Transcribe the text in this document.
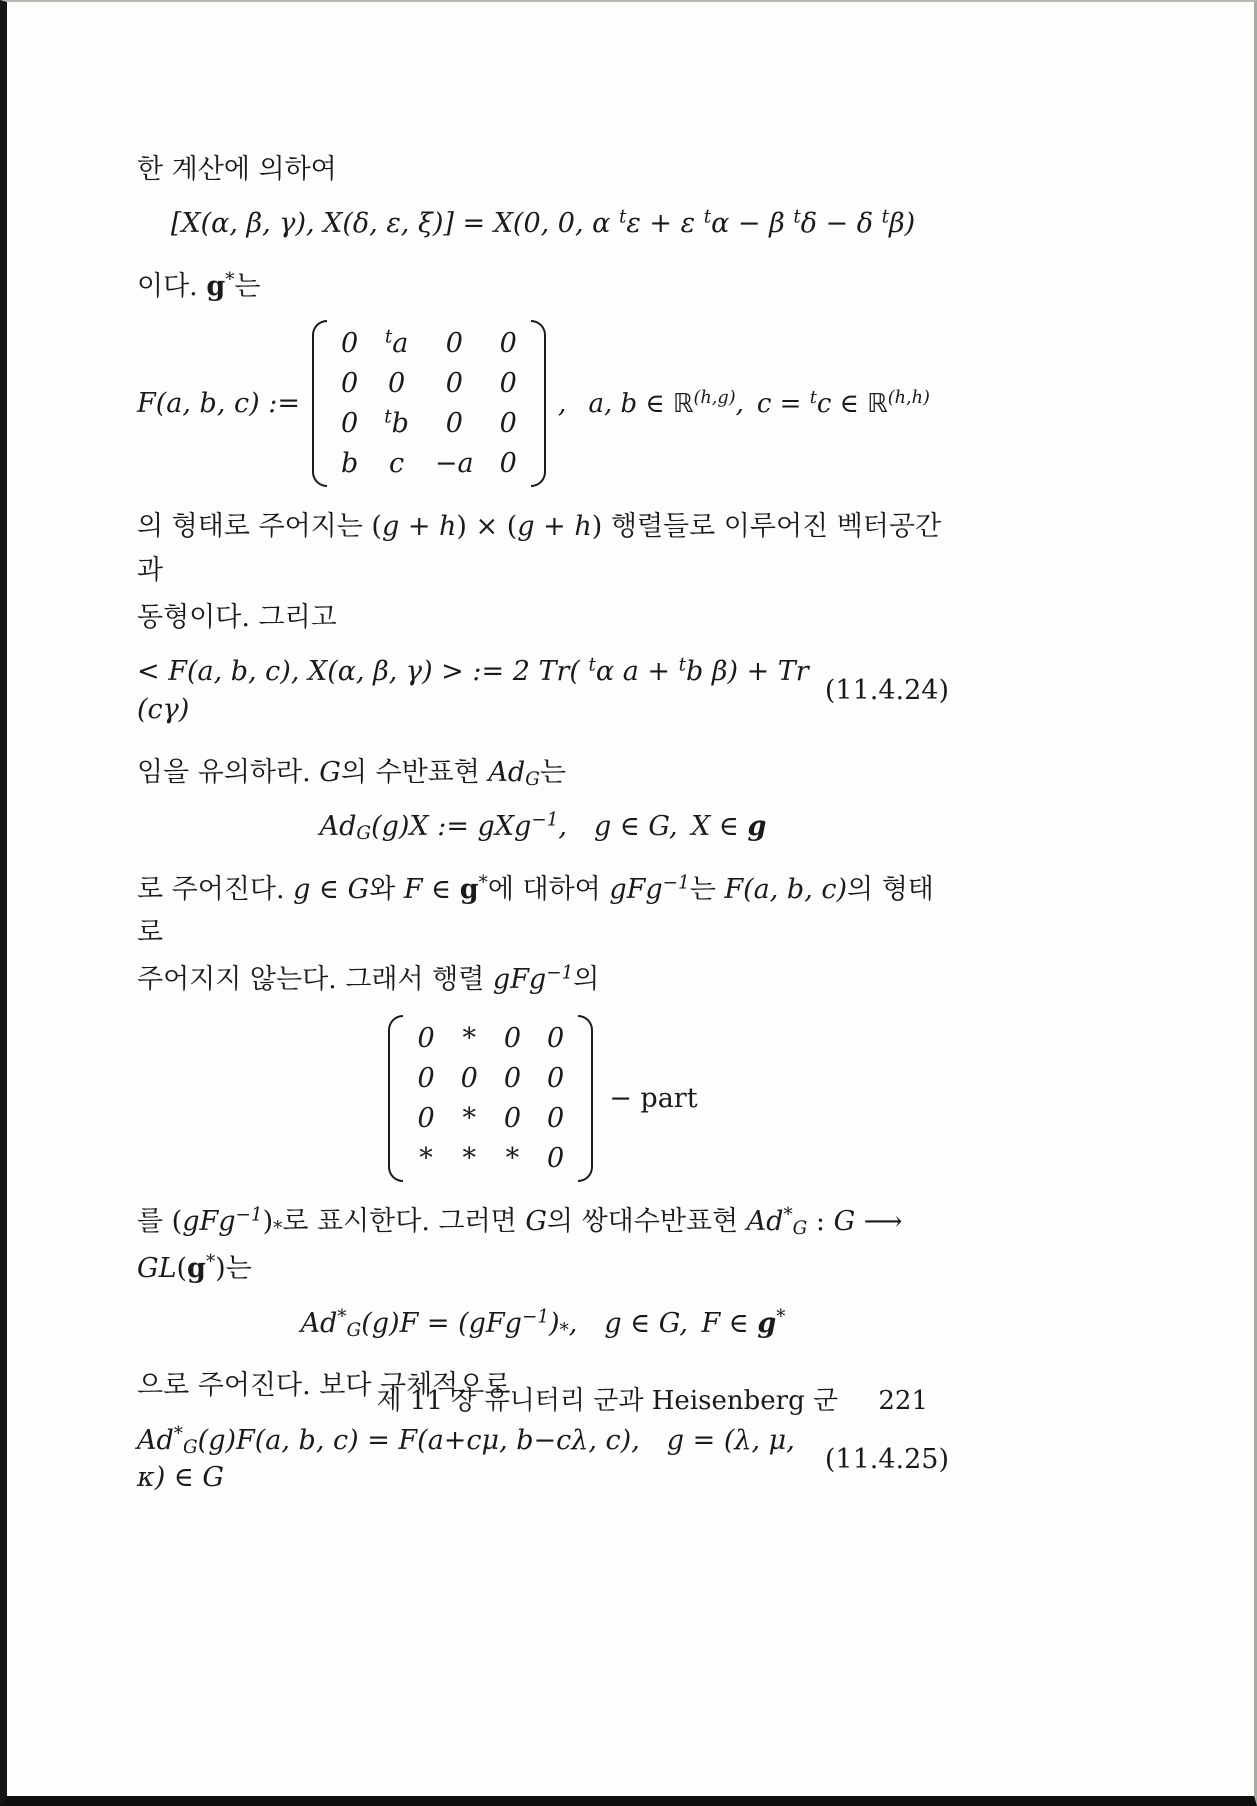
한 계산에 의하여

[X(α, β, γ), X(δ, ε, ξ)] = X(0, 0, α $^t$ε + ε $^t$α − β $^t$δ − δ $^t$β)

이다. g*는

F(a, b, c) :=
0 $^t$a 0 0
0 0 0 0
0 $^t$b 0 0
b c −a 0
, a, b ∈ ℝ$^{(h,g)}$, c = $^t$c ∈ ℝ$^{(h,h)}$

의 형태로 주어지는 (g + h) × (g + h) 행렬들로 이루어진 벡터공간과

동형이다. 그리고

< F(a, b, c), X(α, β, γ) > := 2 Tr( $^t$α a + $^t$b β) + Tr (cγ)
(11.4.24)

임을 유의하라. G의 수반표현 $Ad_G$는

$Ad_G(g)X$ := gXg$^{-1}$, g ∈ G, X ∈ g

로 주어진다. g ∈ G와 F ∈ g*에 대하여 gFg$^{-1}$는 F(a, b, c)의 형태로

주어지지 않는다. 그래서 행렬 gFg$^{-1}$의

0 * 0 0
0 0 0 0
0 * 0 0
* * * 0
− part

를 $(gFg^{-1})_*$로 표시한다. 그러면 G의 쌍대수반표현 $Ad^*_G$ : G ⟶

GL(g*)는

$Ad^*_G(g)F = (gFg^{-1})_*$, g ∈ G, F ∈ g*

으로 주어진다. 보다 구체적으로

$Ad^*_G(g)F(a$, b, c) = F(a+cμ, b−cλ, c), g = (λ, μ, κ) ∈ G
(11.4.25)
제 11 장 유니터리 군과 Heisenberg 군 221
